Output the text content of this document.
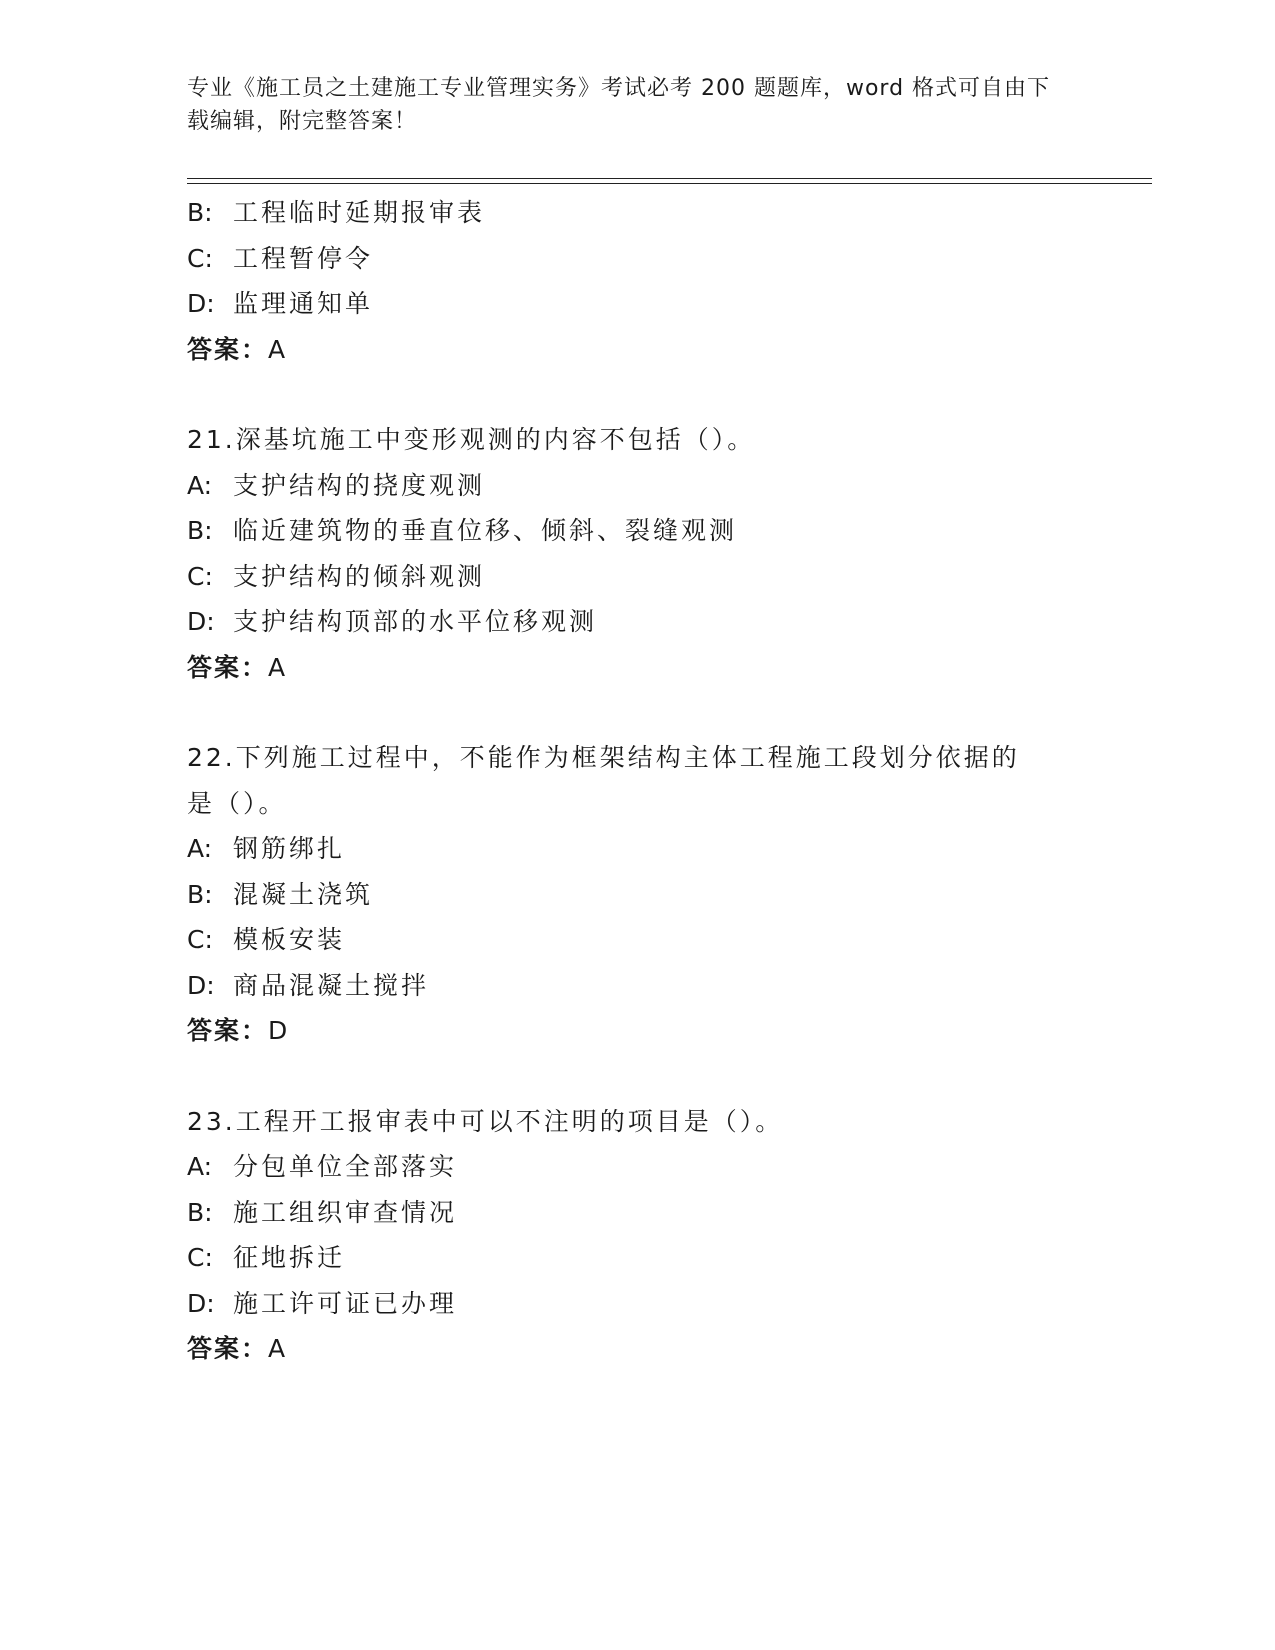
专业《施工员之土建施工专业管理实务》考试必考 200 题题库，word 格式可自由下载编辑，附完整答案！
B: 工程临时延期报审表
C: 工程暂停令
D: 监理通知单
答案：A
21.深基坑施工中变形观测的内容不包括（）。
A: 支护结构的挠度观测
B: 临近建筑物的垂直位移、倾斜、裂缝观测
C: 支护结构的倾斜观测
D: 支护结构顶部的水平位移观测
答案：A
22.下列施工过程中，不能作为框架结构主体工程施工段划分依据的是（）。
A: 钢筋绑扎
B: 混凝土浇筑
C: 模板安装
D: 商品混凝土搅拌
答案：D
23.工程开工报审表中可以不注明的项目是（）。
A: 分包单位全部落实
B: 施工组织审查情况
C: 征地拆迁
D: 施工许可证已办理
答案：A
